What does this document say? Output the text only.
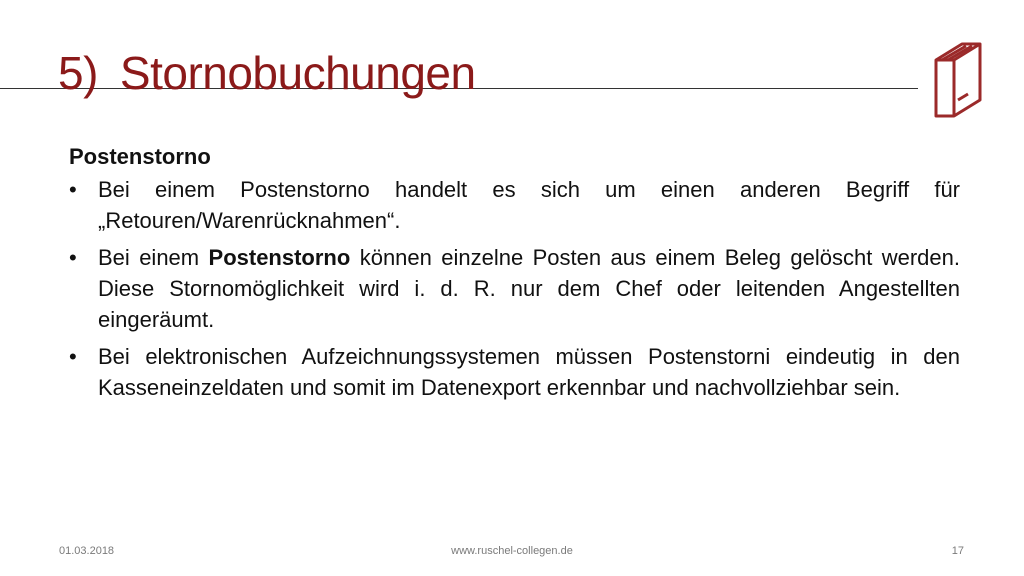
5) Stornobuchungen
Postenstorno
• Bei einem Postenstorno handelt es sich um einen anderen Begriff für „Retouren/Warenrücknahmen“.
• Bei einem Postenstorno können einzelne Posten aus einem Beleg gelöscht werden. Diese Stornomöglichkeit wird i. d. R. nur dem Chef oder leitenden Angestellten eingeräumt.
• Bei elektronischen Aufzeichnungssystemen müssen Postenstorni eindeutig in den Kasseneinzeldaten und somit im Datenexport erkennbar und nachvollziehbar sein.
01.03.2018	www.ruschel-collegen.de	17
